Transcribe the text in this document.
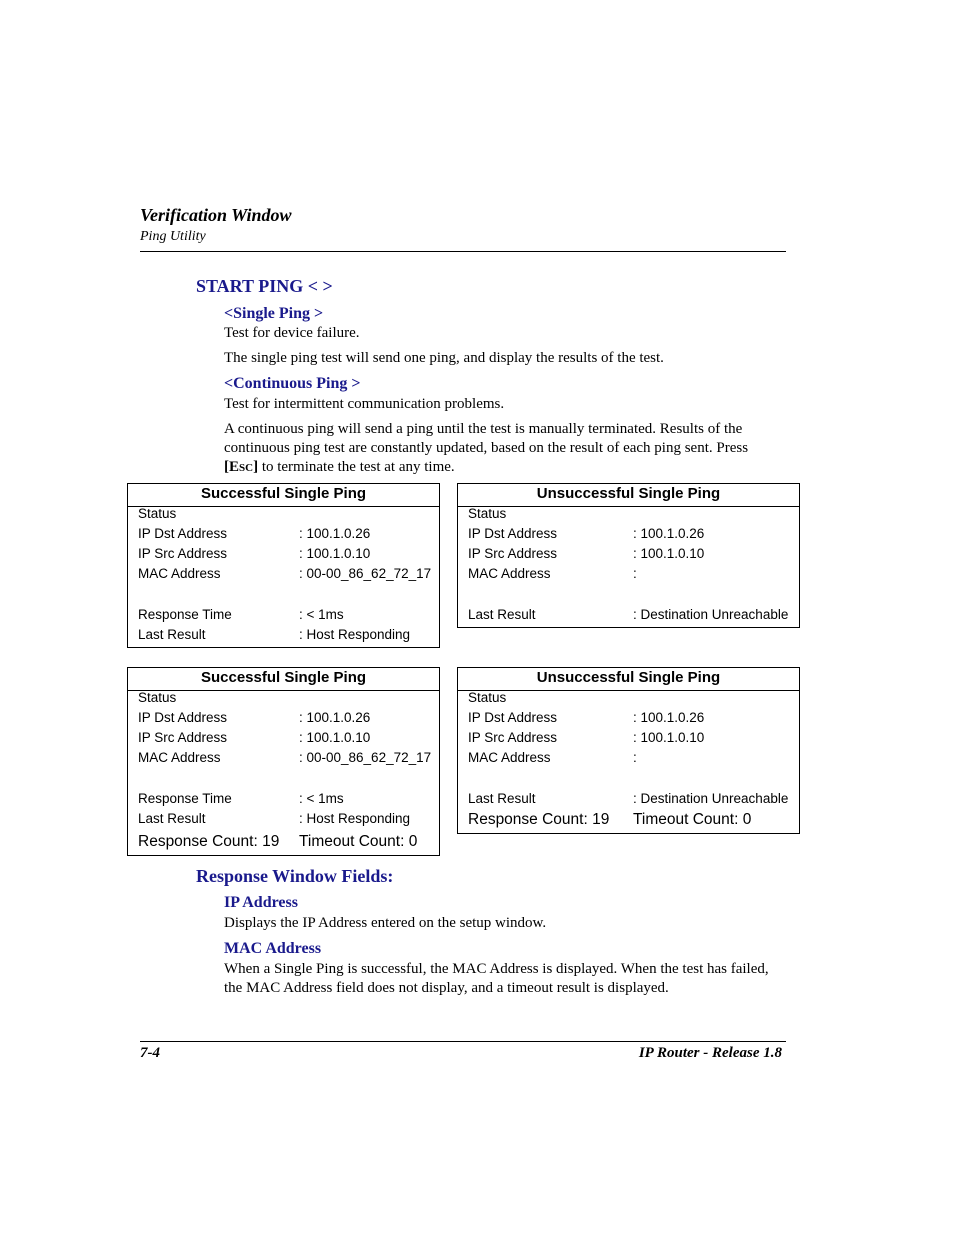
Verification Window
Ping Utility
START PING < >
<Single Ping >
Test for device failure.
The single ping test will send one ping, and display the results of the test.
<Continuous Ping >
Test for intermittent communication problems.
A continuous ping will send a ping until the test is manually terminated. Results of the continuous ping test are constantly updated, based on the result of each ping sent. Press
[ESC] to terminate the test at any time.
Successful Single Ping
Status
IP Dst Address	: 100.1.0.26
IP Src Address	: 100.1.0.10
MAC Address	: 00-00_86_62_72_17
Response Time	: < 1ms
Last Result	: Host Responding
Unsuccessful Single Ping
Status
IP Dst Address	: 100.1.0.26
IP Src Address	: 100.1.0.10
MAC Address	:
Last Result	: Destination Unreachable
Successful Single Ping
Status
IP Dst Address	: 100.1.0.26
IP Src Address	: 100.1.0.10
MAC Address	: 00-00_86_62_72_17
Response Time	: < 1ms
Last Result	: Host Responding
Response Count: 19 Timeout Count: 0
Unsuccessful Single Ping
Status
IP Dst Address	: 100.1.0.26
IP Src Address	: 100.1.0.10
MAC Address	:
Last Result	: Destination Unreachable
Response Count: 19 Timeout Count: 0
Response Window Fields:
IP Address
Displays the IP Address entered on the setup window.
MAC Address
When a Single Ping is successful, the MAC Address is displayed. When the test has failed, the MAC Address field does not display, and a timeout result is displayed.
7-4	IP Router - Release 1.8
